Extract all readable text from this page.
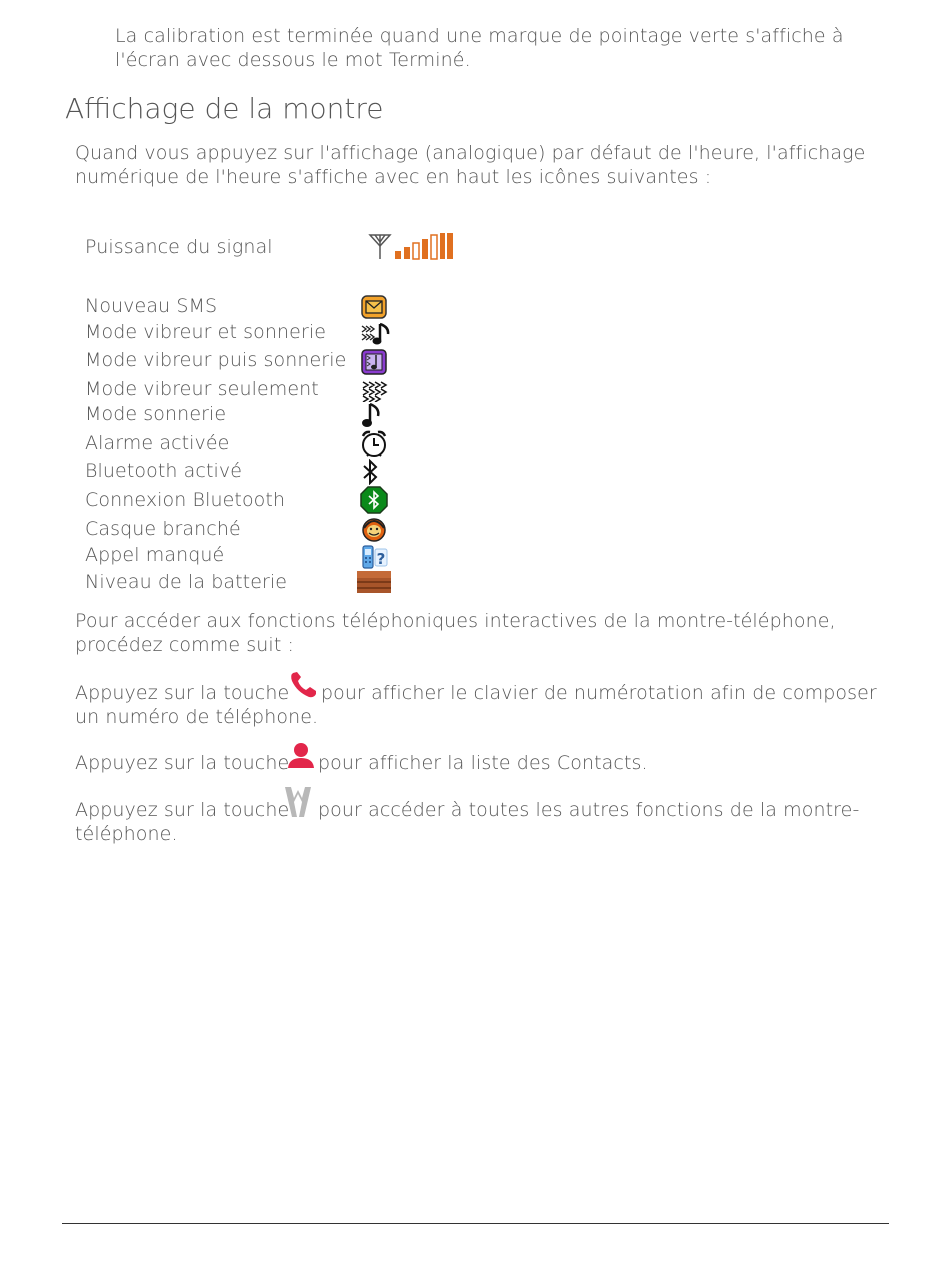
La calibration est terminée quand une marque de pointage verte s'affiche à
l'écran avec dessous le mot Terminé.
Affichage de la montre
Quand vous appuyez sur l'affichage (analogique) par défaut de l'heure, l'affichage
numérique de l'heure s'affiche avec en haut les icônes suivantes :
Puissance du signal
Nouveau SMS
Mode vibreur et sonnerie
Mode vibreur puis sonnerie
Mode vibreur seulement
Mode sonnerie
Alarme activée
Bluetooth activé
Connexion Bluetooth
Casque branché
Appel manqué
Niveau de la batterie
?
Pour accéder aux fonctions téléphoniques interactives de la montre-téléphone,
procédez comme suit :
Appuyez sur la touche pour afficher le clavier de numérotation afin de composer
un numéro de téléphone.
Appuyez sur la touche pour afficher la liste des Contacts.
Appuyez sur la touche pour accéder à toutes les autres fonctions de la montre-
téléphone.
